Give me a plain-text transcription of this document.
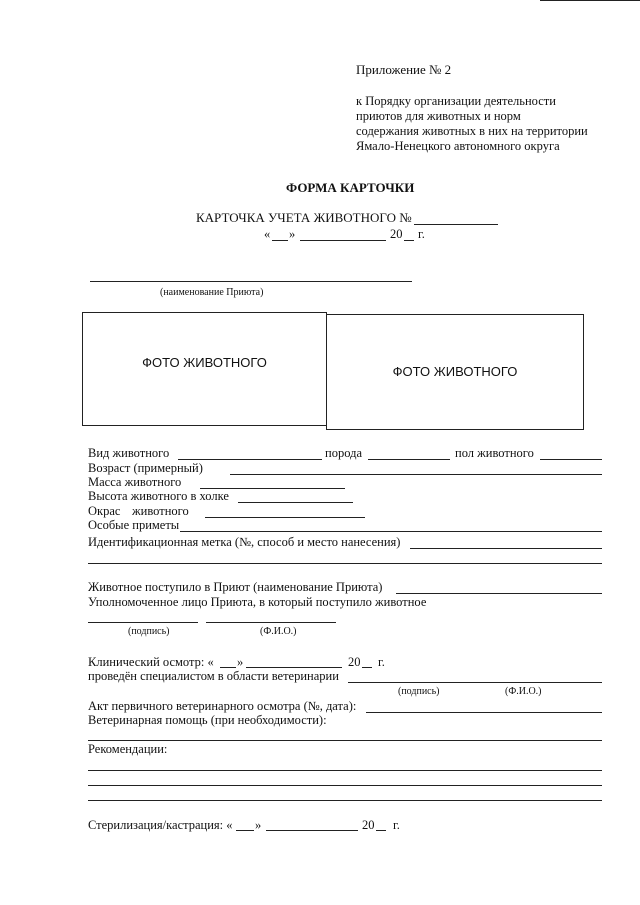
Приложение № 2
к Порядку организации деятельности
приютов для животных и норм
содержания животных в них на территории
Ямало-Ненецкого автономного округа
ФОРМА КАРТОЧКИ
КАРТОЧКА УЧЕТА ЖИВОТНОГО №
« »	20 г.
(наименование Приюта)
ФОТО ЖИВОТНОГО
ФОТО ЖИВОТНОГО
Вид животного	порода	пол животного
Возраст (примерный)
Масса животного
Высота животного в холке
Окрас животного
Особые приметы
Идентификационная метка (№, способ и место нанесения)
Животное поступило в Приют (наименование Приюта)
Уполномоченное лицо Приюта, в который поступило животное
(подпись)	(Ф.И.О.)
Клинический осмотр: « »	20 г.
проведён специалистом в области ветеринарии
(подпись)	(Ф.И.О.)
Акт первичного ветеринарного осмотра (№, дата):
Ветеринарная помощь (при необходимости):
Рекомендации:
Стерилизация/кастрация: « »	20 г.
